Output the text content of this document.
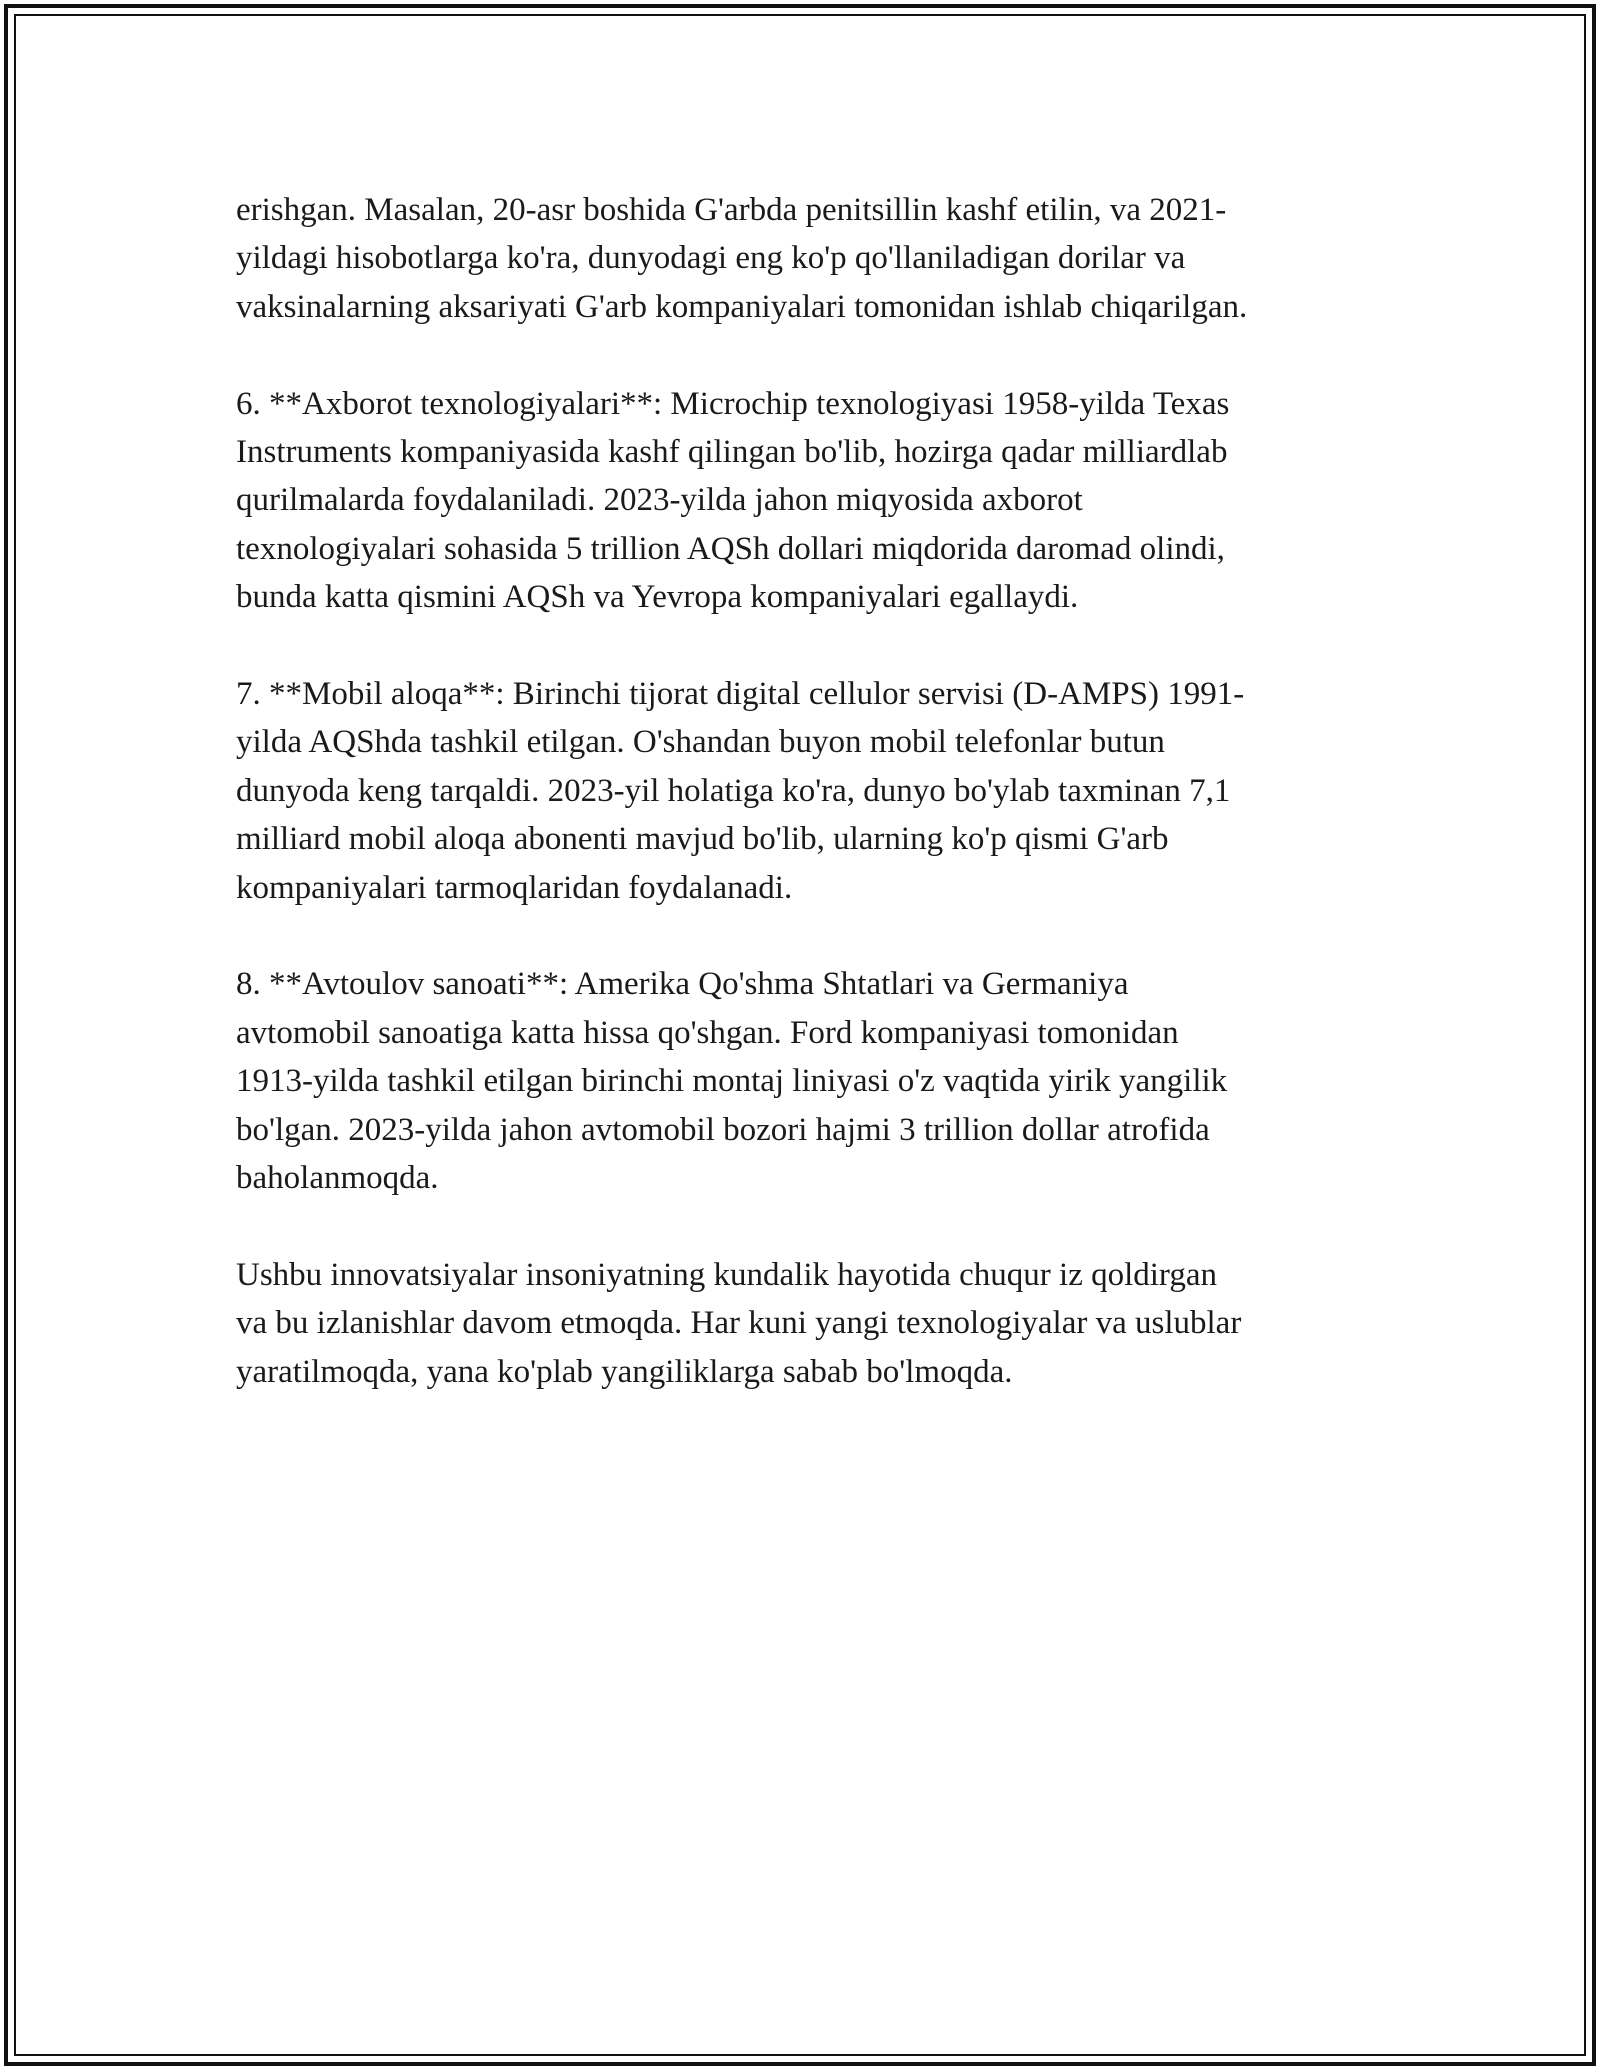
erishgan. Masalan, 20-asr boshida G'arbda penitsillin kashf etilin, va 2021-
yildagi hisobotlarga ko'ra, dunyodagi eng ko'p qo'llaniladigan dorilar va
vaksinalarning aksariyati G'arb kompaniyalari tomonidan ishlab chiqarilgan.

6. **Axborot texnologiyalari**: Microchip texnologiyasi 1958-yilda Texas
Instruments kompaniyasida kashf qilingan bo'lib, hozirga qadar milliardlab
qurilmalarda foydalaniladi. 2023-yilda jahon miqyosida axborot
texnologiyalari sohasida 5 trillion AQSh dollari miqdorida daromad olindi,
bunda katta qismini AQSh va Yevropa kompaniyalari egallaydi.

7. **Mobil aloqa**: Birinchi tijorat digital cellulor servisi (D-AMPS) 1991-
yilda AQShda tashkil etilgan. O'shandan buyon mobil telefonlar butun
dunyoda keng tarqaldi. 2023-yil holatiga ko'ra, dunyo bo'ylab taxminan 7,1
milliard mobil aloqa abonenti mavjud bo'lib, ularning ko'p qismi G'arb
kompaniyalari tarmoqlaridan foydalanadi.

8. **Avtoulov sanoati**: Amerika Qo'shma Shtatlari va Germaniya
avtomobil sanoatiga katta hissa qo'shgan. Ford kompaniyasi tomonidan
1913-yilda tashkil etilgan birinchi montaj liniyasi o'z vaqtida yirik yangilik
bo'lgan. 2023-yilda jahon avtomobil bozori hajmi 3 trillion dollar atrofida
baholanmoqda.

Ushbu innovatsiyalar insoniyatning kundalik hayotida chuqur iz qoldirgan
va bu izlanishlar davom etmoqda. Har kuni yangi texnologiyalar va uslublar
yaratilmoqda, yana ko'plab yangiliklarga sabab bo'lmoqda.
